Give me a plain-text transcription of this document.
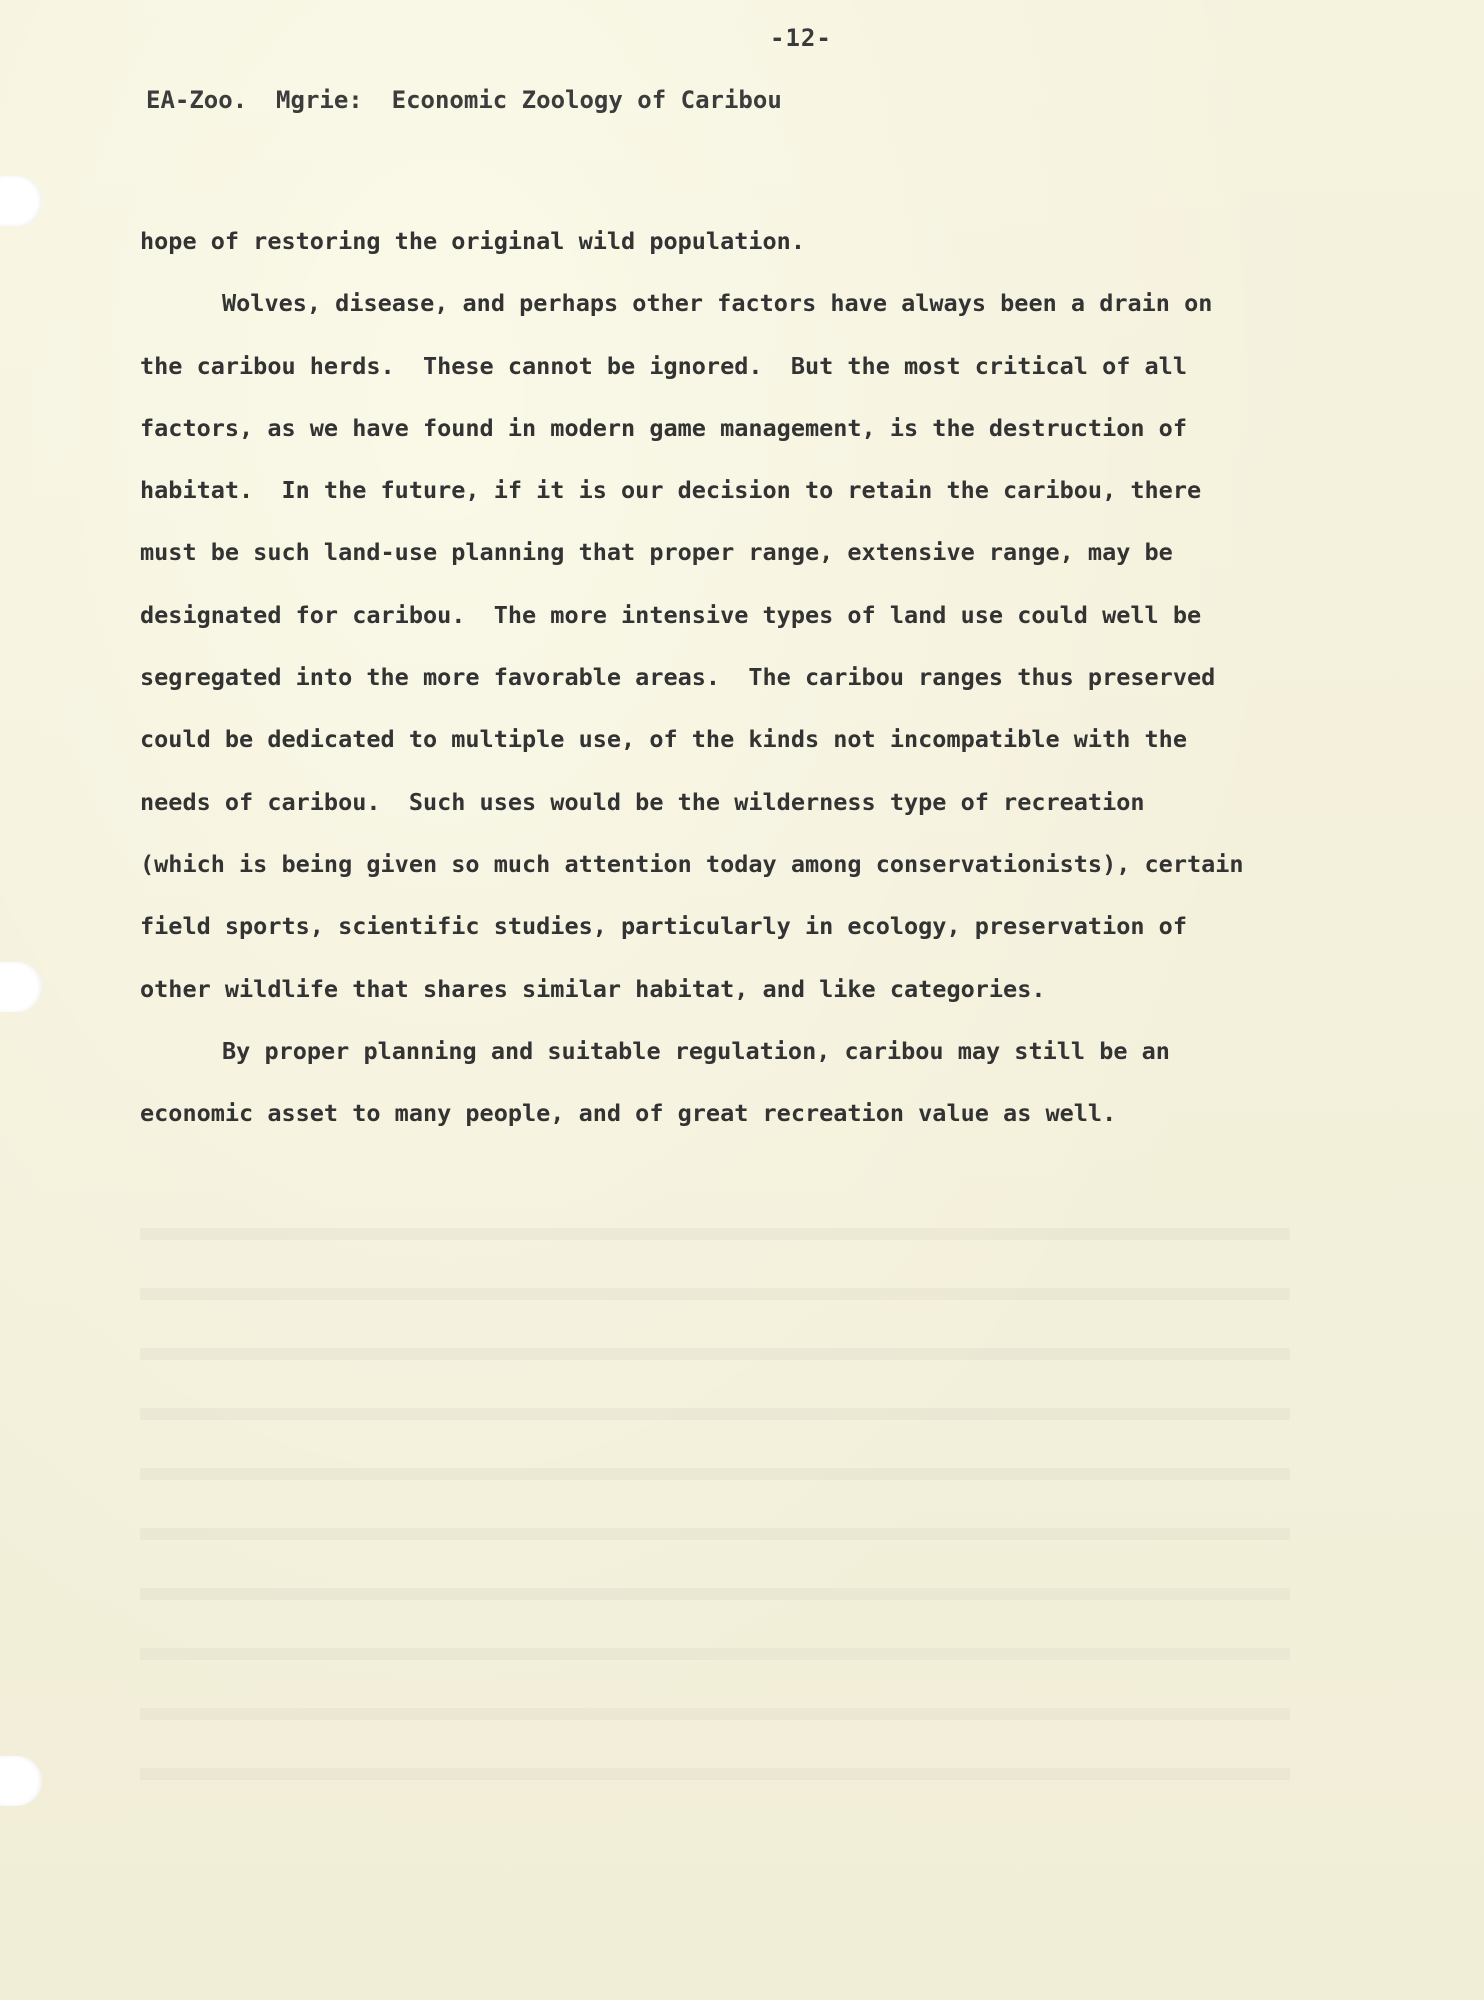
-12-
EA-Zoo.  Mgrie:  Economic Zoology of Caribou
hope of restoring the original wild population.
Wolves, disease, and perhaps other factors have always been a drain on
the caribou herds.  These cannot be ignored.  But the most critical of all
factors, as we have found in modern game management, is the destruction of
habitat.  In the future, if it is our decision to retain the caribou, there
must be such land-use planning that proper range, extensive range, may be
designated for caribou.  The more intensive types of land use could well be
segregated into the more favorable areas.  The caribou ranges thus preserved
could be dedicated to multiple use, of the kinds not incompatible with the
needs of caribou.  Such uses would be the wilderness type of recreation
(which is being given so much attention today among conservationists), certain
field sports, scientific studies, particularly in ecology, preservation of
other wildlife that shares similar habitat, and like categories.
By proper planning and suitable regulation, caribou may still be an
economic asset to many people, and of great recreation value as well.
